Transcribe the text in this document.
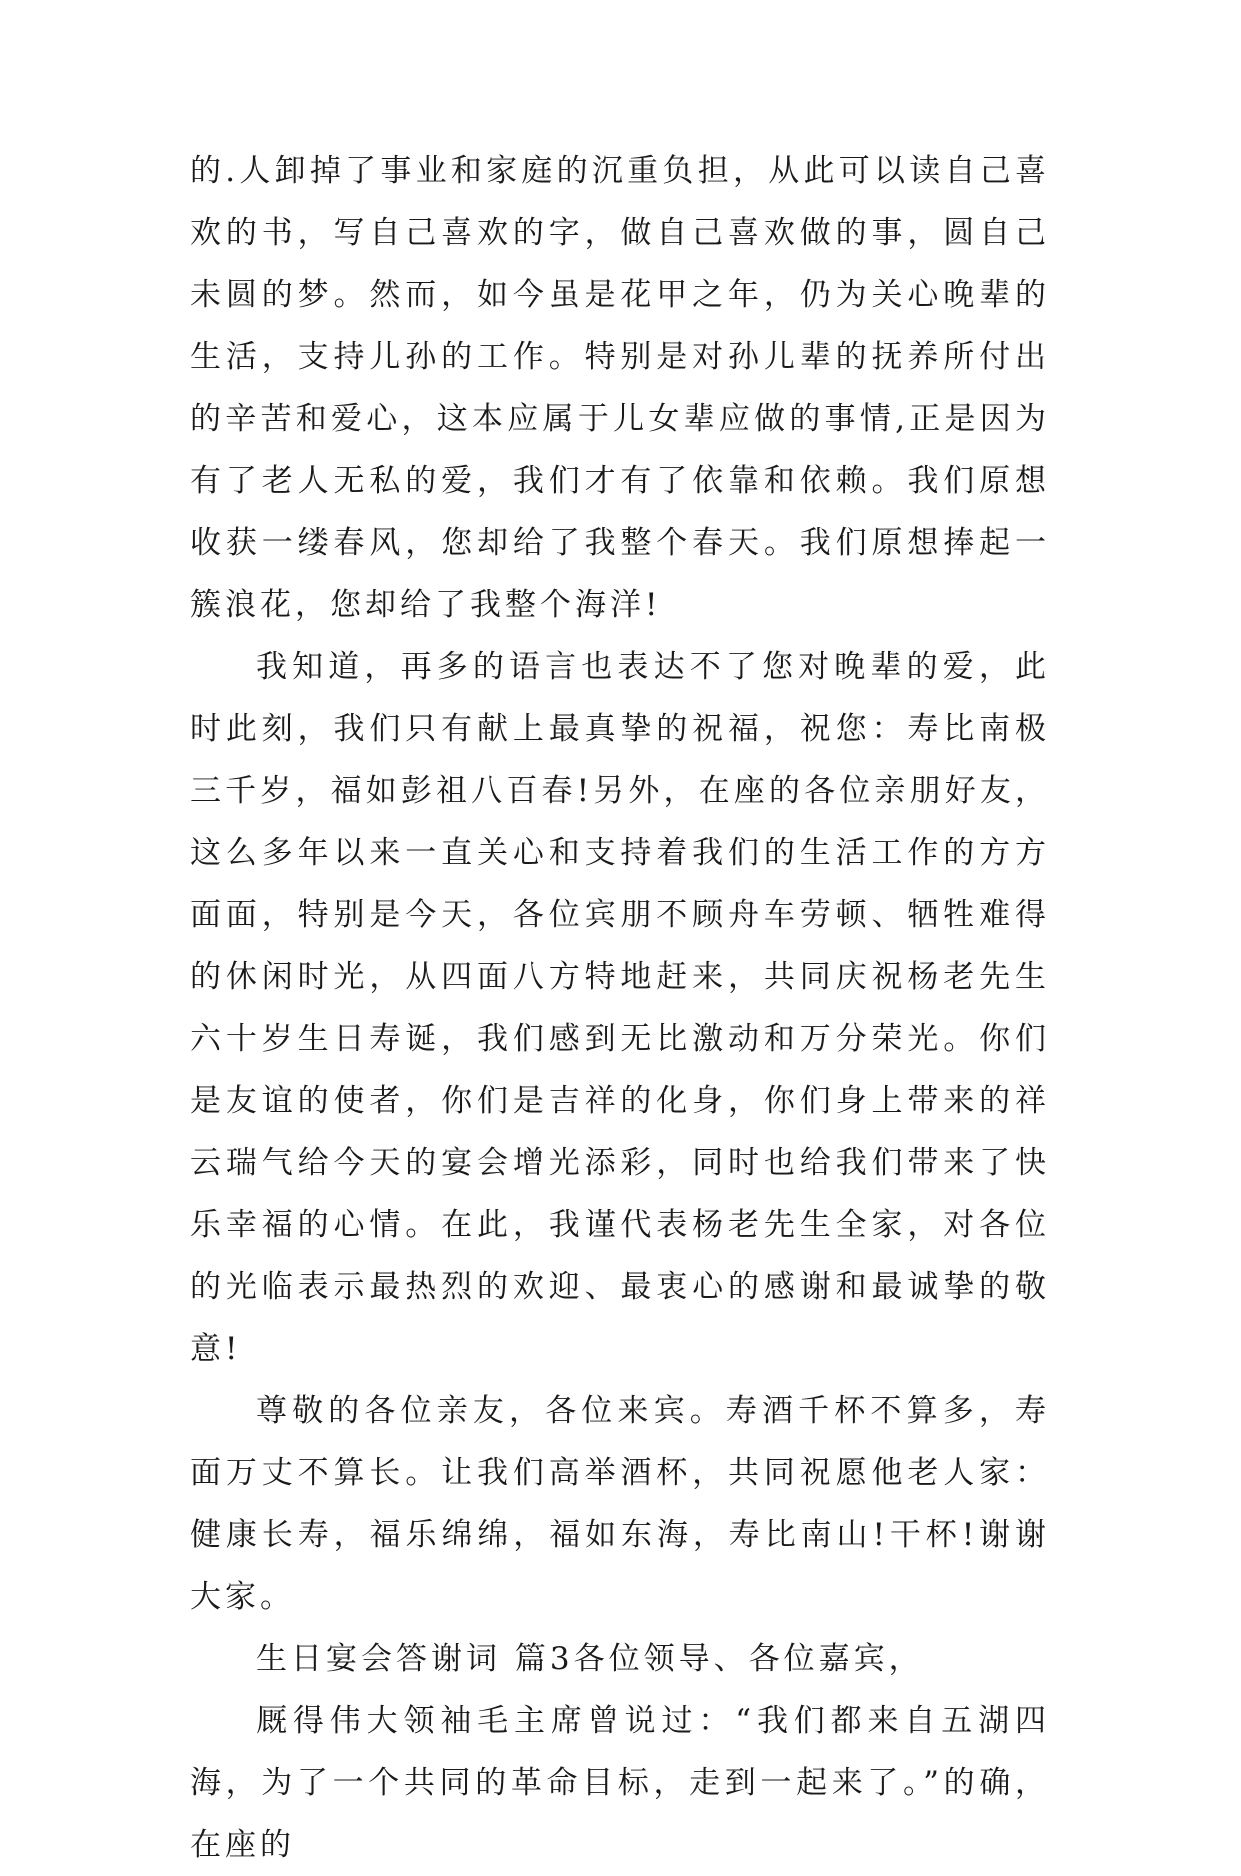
的.人卸掉了事业和家庭的沉重负担，从此可以读自己喜欢的书，写自己喜欢的字，做自己喜欢做的事，圆自己未圆的梦。然而，如今虽是花甲之年，仍为关心晚辈的生活，支持儿孙的工作。特别是对孙儿辈的抚养所付出的辛苦和爱心，这本应属于儿女辈应做的事情,正是因为有了老人无私的爱，我们才有了依靠和依赖。我们原想收获一缕春风，您却给了我整个春天。我们原想捧起一簇浪花，您却给了我整个海洋!

我知道，再多的语言也表达不了您对晚辈的爱，此时此刻，我们只有献上最真挚的祝福，祝您：寿比南极三千岁，福如彭祖八百春!另外，在座的各位亲朋好友，这么多年以来一直关心和支持着我们的生活工作的方方面面，特别是今天，各位宾朋不顾舟车劳顿、牺牲难得的休闲时光，从四面八方特地赶来，共同庆祝杨老先生六十岁生日寿诞，我们感到无比激动和万分荣光。你们是友谊的使者，你们是吉祥的化身，你们身上带来的祥云瑞气给今天的宴会增光添彩，同时也给我们带来了快乐幸福的心情。在此，我谨代表杨老先生全家，对各位的光临表示最热烈的欢迎、最衷心的感谢和最诚挚的敬意!

尊敬的各位亲友，各位来宾。寿酒千杯不算多，寿面万丈不算长。让我们高举酒杯，共同祝愿他老人家：健康长寿，福乐绵绵，福如东海，寿比南山!干杯!谢谢大家。

生日宴会答谢词 篇3各位领导、各位嘉宾，

厩得伟大领袖毛主席曾说过：“我们都来自五湖四海，为了一个共同的革命目标，走到一起来了。”的确，在座的
